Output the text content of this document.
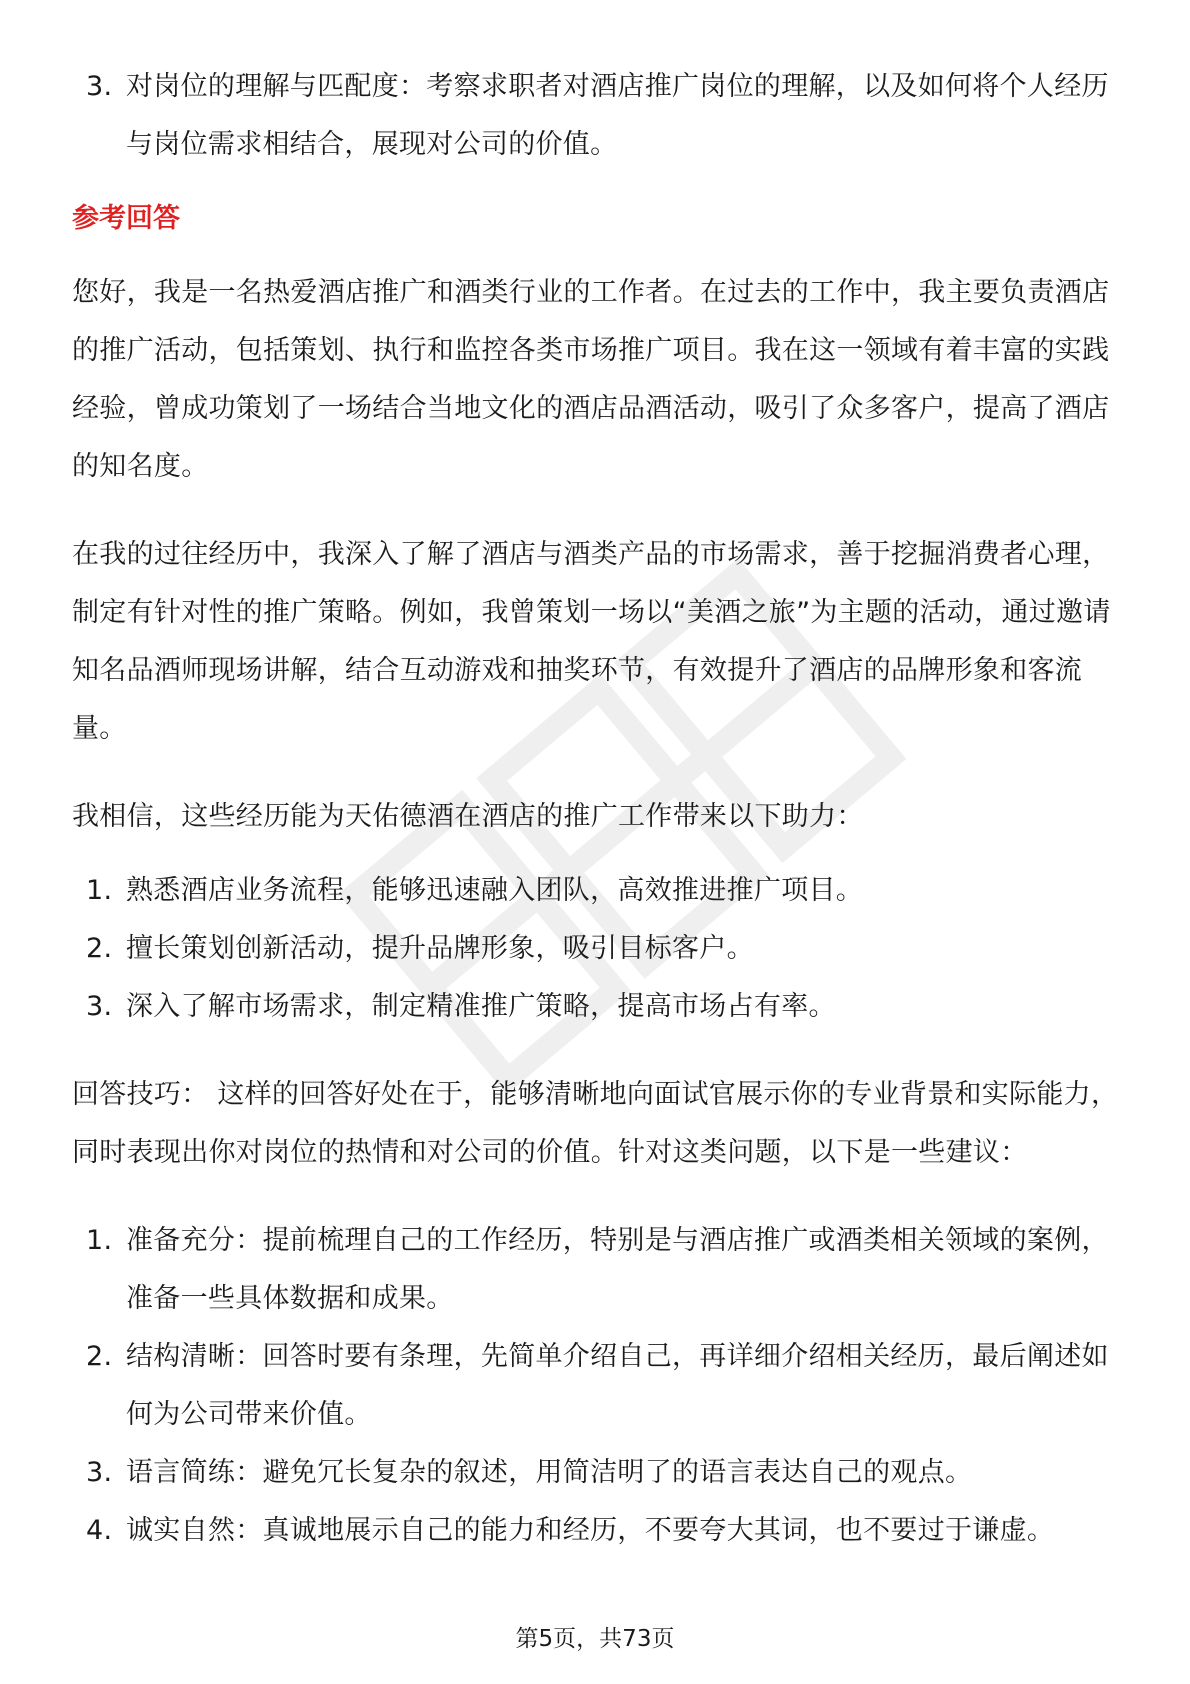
3. 对岗位的理解与匹配度：考察求职者对酒店推广岗位的理解，以及如何将个人经历与岗位需求相结合，展现对公司的价值。

参考回答

您好，我是一名热爱酒店推广和酒类行业的工作者。在过去的工作中，我主要负责酒店的推广活动，包括策划、执行和监控各类市场推广项目。我在这一领域有着丰富的实践经验，曾成功策划了一场结合当地文化的酒店品酒活动，吸引了众多客户，提高了酒店的知名度。

在我的过往经历中，我深入了解了酒店与酒类产品的市场需求，善于挖掘消费者心理，制定有针对性的推广策略。例如，我曾策划一场以“美酒之旅”为主题的活动，通过邀请知名品酒师现场讲解，结合互动游戏和抽奖环节，有效提升了酒店的品牌形象和客流量。

我相信，这些经历能为天佑德酒在酒店的推广工作带来以下助力：

1. 熟悉酒店业务流程，能够迅速融入团队，高效推进推广项目。
2. 擅长策划创新活动，提升品牌形象，吸引目标客户。
3. 深入了解市场需求，制定精准推广策略，提高市场占有率。

回答技巧： 这样的回答好处在于，能够清晰地向面试官展示你的专业背景和实际能力，同时表现出你对岗位的热情和对公司的价值。针对这类问题，以下是一些建议：

1. 准备充分：提前梳理自己的工作经历，特别是与酒店推广或酒类相关领域的案例，准备一些具体数据和成果。
2. 结构清晰：回答时要有条理，先简单介绍自己，再详细介绍相关经历，最后阐述如何为公司带来价值。
3. 语言简练：避免冗长复杂的叙述，用简洁明了的语言表达自己的观点。
4. 诚实自然：真诚地展示自己的能力和经历，不要夸大其词，也不要过于谦虚。
第5页，共73页
